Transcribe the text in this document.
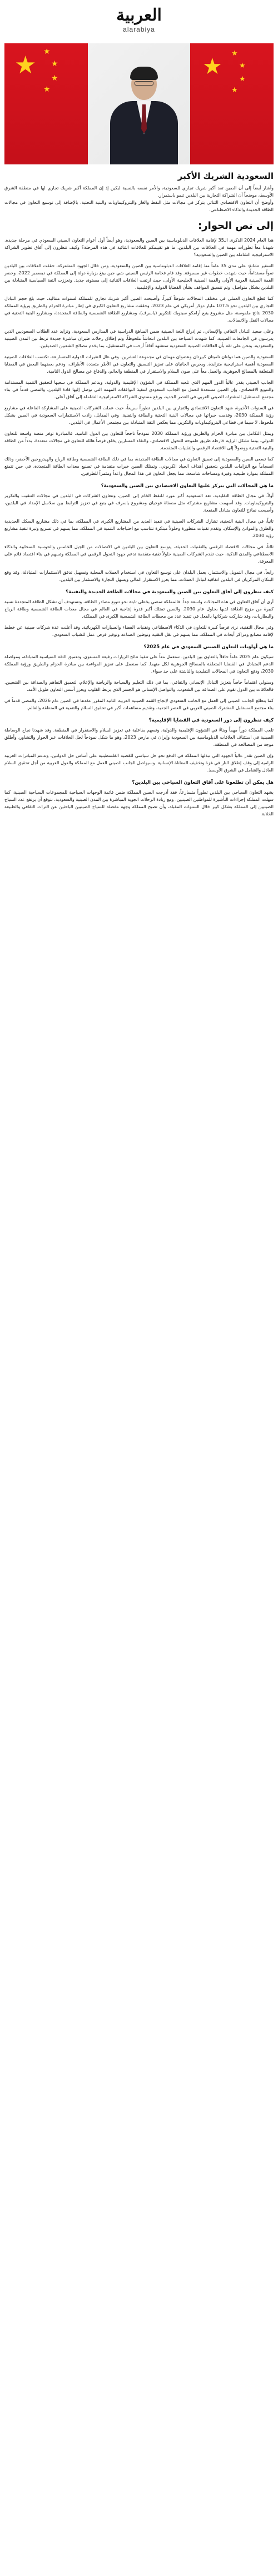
العربية
alarabiya
★ ★
★
★
★
★
★
★
★
★
السعودية الشريك الأكبر

وأشار أيضاً إلى أن الصين تعد أكبر شريك تجاري للسعودية، والأمر نفسه بالنسبة لبكين إذ إن المملكة أكبر شريك تجاري لها في منطقة الشرق الأوسط، موضحاً أن الشراكة التجارية بين البلدين تنمو باستمرار.
وأوضح أن التعاون الاقتصادي الثنائي يتركز في مجالات مثل النفط والغاز والبتروكيماويات والبنية التحتية، بالإضافة إلى توسيع التعاون في مجالات الطاقة الجديدة والذكاء الاصطناعي.

إلى نص الحوار:

هذا العام 2024 الذكرى الـ35 لإقامة العلاقات الدبلوماسية بين الصين والسعودية، وهو أيضاً أول أعوام التعاون الصيني السعودي في مرحلة جديدة. شهدنا معاً تطورات مهمة في العلاقات بين البلدين. ما هو تقييمكم للعلاقات الثنائية في هذه المرحلة؟ وكيف تنظرون إلى آفاق تطوير الشراكة الاستراتيجية الشاملة بين الصين والسعودية؟

السفير تشانغ: على مدى 35 عاماً منذ إقامة العلاقات الدبلوماسية بين الصين والسعودية، ومن خلال الجهود المشتركة، حققت العلاقات بين البلدين نمواً مستداماً، حيث شهدت خطوات غير مسبوقة. وقد قام فخامة الرئيس الصيني شي جين بينغ بزيارة دولة إلى المملكة في ديسمبر 2022، وحضر القمة الصينية العربية الأولى والقمة الصينية الخليجية الأولى، حيث ارتقت العلاقات الثنائية إلى مستوى جديد. وتعززت الثقة السياسية المتبادلة بين البلدين بشكل متواصل، وتم تنسيق المواقف بشأن القضايا الدولية والإقليمية.

كما قطع التعاون العملي في مختلف المجالات شوطاً كبيراً، وأصبحت الصين أكبر شريك تجاري للمملكة لسنوات متتالية، حيث بلغ حجم التبادل التجاري بين البلدين نحو 107.5 مليار دولار أمريكي في عام 2023. وحققت مشاريع التعاون الكبرى في إطار مبادرة الحزام والطريق ورؤية المملكة 2030 نتائج ملموسة، مثل مشروع ينبع أرامكو سينوبك للتكرير (ياسرف)، ومشاريع الطاقة الشمسية والطاقة المتجددة، ومشاريع البنية التحتية في مجالات النقل والاتصالات.

وعلى صعيد التبادل الثقافي والإنساني، تم إدراج اللغة الصينية ضمن المناهج الدراسية في المدارس السعودية، وتزايد عدد الطلاب السعوديين الذين يدرسون في الجامعات الصينية، كما شهدت السياحة بين البلدين انتعاشاً ملحوظاً، وتم إطلاق رحلات طيران مباشرة جديدة تربط بين المدن الصينية والسعودية. ونحن على ثقة بأن العلاقات الصينية السعودية ستشهد آفاقاً أرحب في المستقبل، بما يخدم مصالح الشعبين الصديقين.

السعودية والصين هما دولتان ناميتان كبيرتان وعضوان مهمان في مجموعة العشرين. وفي ظل التغيرات الدولية المتسارعة، تكتسب العلاقات الصينية السعودية أهمية استراتيجية متزايدة. ويحرص الجانبان على تعزيز التنسيق والتعاون في الأطر متعددة الأطراف، ودعم بعضهما البعض في القضايا المتعلقة بالمصالح الجوهرية، والعمل معاً على صون السلام والاستقرار في المنطقة والعالم، والدفاع عن مصالح الدول النامية.

الجانب الصيني يقدر عالياً الدور المهم الذي تلعبه المملكة في الشؤون الإقليمية والدولية، ويدعم المملكة في سعيها لتحقيق التنمية المستدامة والتنويع الاقتصادي. وإن الصين مستعدة للعمل مع الجانب السعودي لتنفيذ التوافقات المهمة التي توصل إليها قادة البلدين، والمضي قدماً في بناء مجتمع المستقبل المشترك الصيني العربي في العصر الجديد، ورفع مستوى الشراكة الاستراتيجية الشاملة إلى آفاق أعلى.

في السنوات الأخيرة، شهد التعاون الاقتصادي والتجاري بين البلدين تطوراً سريعاً، حيث عملت الشركات الصينية على المشاركة الفاعلة في مشاريع رؤية المملكة 2030، وقدمت خبراتها في مجالات البنية التحتية والطاقة والتقنية. وفي المقابل، زادت الاستثمارات السعودية في الصين بشكل ملحوظ، لا سيما في قطاعي البتروكيماويات والتكرير، مما يعكس الثقة المتبادلة بين مجتمعي الأعمال في البلدين.

ويمثل التكامل بين مبادرة الحزام والطريق ورؤية المملكة 2030 نموذجاً ناجحاً للتعاون بين الدول النامية. فالمبادرة توفر منصة واسعة للتعاون الدولي، بينما تشكل الرؤية خارطة طريق طموحة للتحول الاقتصادي، والتقاء المسارين يخلق فرصاً هائلة للتعاون في مجالات متعددة، بدءاً من الطاقة والبنية التحتية ووصولاً إلى الاقتصاد الرقمي والتقنيات المتقدمة.

كما تسعى الصين والسعودية إلى تعميق التعاون في مجالات الطاقة الجديدة، بما في ذلك الطاقة الشمسية وطاقة الرياح والهيدروجين الأخضر، وذلك انسجاماً مع التزامات البلدين بتحقيق أهداف الحياد الكربوني. وتمتلك الصين خبرات متقدمة في تصنيع معدات الطاقة المتجددة، في حين تتمتع المملكة بموارد طبيعية وفيرة ومساحات شاسعة، مما يجعل التعاون في هذا المجال واعداً ومثمراً للطرفين.

ما هي المجالات التي يتركز عليها التعاون الاقتصادي بين الصين والسعودية؟

أولاً، في مجال الطاقة التقليدية، تعد السعودية أكبر مورد للنفط الخام إلى الصين، وتتعاون الشركات في البلدين في مجالات التنقيب والتكرير والبتروكيماويات. وقد أسهمت مشاريع مشتركة مثل مصفاة فوجيان ومشروع ياسرف في ينبع في تعزيز الترابط بين سلاسل الإمداد في البلدين، وأصبحت نماذج للتعاون متبادل المنفعة.

ثانياً، في مجال البنية التحتية، تشارك الشركات الصينية في تنفيذ العديد من المشاريع الكبرى في المملكة، بما في ذلك مشاريع السكك الحديدية والطرق والموانئ والإسكان، وتقدم تقنيات متطورة وحلولاً مبتكرة تتناسب مع احتياجات التنمية في المملكة، مما يسهم في تسريع وتيرة تنفيذ مشاريع رؤية 2030.

ثالثاً، في مجالات الاقتصاد الرقمي والتقنيات الحديثة، يتوسع التعاون بين البلدين في الاتصالات من الجيل الخامس والحوسبة السحابية والذكاء الاصطناعي والمدن الذكية، حيث تقدم الشركات الصينية حلولاً تقنية متقدمة تدعم جهود التحول الرقمي في المملكة وتسهم في بناء اقتصاد قائم على المعرفة.

رابعاً، في مجال التمويل والاستثمار، يعمل البلدان على توسيع التعاون في استخدام العملات المحلية وتسهيل تدفق الاستثمارات المتبادلة، وقد وقع البنكان المركزيان في البلدين اتفاقية لتبادل العملات، مما يعزز الاستقرار المالي ويسهل التجارة والاستثمار بين البلدين.

كيف تنظرون إلى آفاق التعاون بين الصين والسعودية في مجالات الطاقة الجديدة والتقنية؟

أرى أن آفاق التعاون في هذه المجالات واسعة جداً. فالمملكة تمضي بخطى ثابتة نحو تنويع مصادر الطاقة، وتستهدف أن تشكل الطاقة المتجددة نسبة كبيرة من مزيج الطاقة لديها بحلول عام 2030. والصين تمتلك أكبر قدرة إنتاجية في العالم في مجال معدات الطاقة الشمسية وطاقة الرياح والبطاريات، وقد شاركت شركاتها بالفعل في تنفيذ عدد من محطات الطاقة الشمسية الكبرى في المملكة.

وفي مجال التقنية، نرى فرصاً كبيرة للتعاون في الذكاء الاصطناعي وتقنيات الفضاء والسيارات الكهربائية. وقد أعلنت عدة شركات صينية عن خطط لإقامة مصانع ومراكز أبحاث في المملكة، مما يسهم في نقل التقنية وتوطين الصناعة وتوفير فرص عمل للشباب السعودي.

ما هي أولويات التعاون الصيني السعودي في عام 2025؟

سيكون عام 2025 عاماً حافلاً بالتعاون بين البلدين. سنعمل معاً على تنفيذ نتائج الزيارات رفيعة المستوى، وتعميق الثقة السياسية المتبادلة، ومواصلة الدعم المتبادل في القضايا المتعلقة بالمصالح الجوهرية لكل منهما. كما سنعمل على تعزيز المواءمة بين مبادرة الحزام والطريق ورؤية المملكة 2030، ودفع التعاون في المجالات التقليدية والناشئة على حد سواء.

وسنولي اهتماماً خاصاً بتعزيز التبادل الإنساني والثقافي، بما في ذلك التعليم والسياحة والرياضة والإعلام، لتعميق التفاهم والصداقة بين الشعبين. فالعلاقات بين الدول تقوم على الصداقة بين الشعوب، والتواصل الإنساني هو الجسر الذي يربط القلوب ويعزز أسس التعاون طويل الأمد.

كما يتطلع الجانب الصيني إلى العمل مع الجانب السعودي لإنجاح القمة الصينية العربية الثانية المقرر عقدها في الصين عام 2026، والمضي قدماً في بناء مجتمع المستقبل المشترك الصيني العربي في العصر الجديد، وتقديم مساهمات أكبر في تحقيق السلام والتنمية في المنطقة والعالم.

كيف تنظرون إلى دور السعودية في القضايا الإقليمية؟

تلعب المملكة دوراً مهماً وبناءً في الشؤون الإقليمية والدولية، وتسهم بفاعلية في تعزيز السلام والاستقرار في المنطقة. وقد شهدنا نجاح الوساطة الصينية في استئناف العلاقات الدبلوماسية بين السعودية وإيران في مارس 2023، وهو ما شكل نموذجاً لحل الخلافات عبر الحوار والتشاور، وأطلق موجة من المصالحة في المنطقة.

وإن الصين تقدر عالياً الجهود التي تبذلها المملكة في الدفع نحو حل سياسي للقضية الفلسطينية على أساس حل الدولتين، وتدعم المبادرات العربية الرامية إلى وقف إطلاق النار في غزة وتخفيف المعاناة الإنسانية. وسيواصل الجانب الصيني العمل مع المملكة والدول العربية من أجل تحقيق السلام العادل والشامل في الشرق الأوسط.

هل يمكن أن تطلعونا على آفاق التعاون السياحي بين البلدين؟

يشهد التعاون السياحي بين البلدين تطوراً متسارعاً، فقد أدرجت الصين المملكة ضمن قائمة الوجهات السياحية للمجموعات السياحية الصينية، كما سهلت المملكة إجراءات التأشيرة للمواطنين الصينيين. ومع زيادة الرحلات الجوية المباشرة بين المدن الصينية والسعودية، نتوقع أن يرتفع عدد السياح الصينيين إلى المملكة بشكل كبير خلال السنوات المقبلة، وأن تصبح المملكة وجهة مفضلة للسياح الصينيين الباحثين عن التراث الثقافي والطبيعة الخلابة.
